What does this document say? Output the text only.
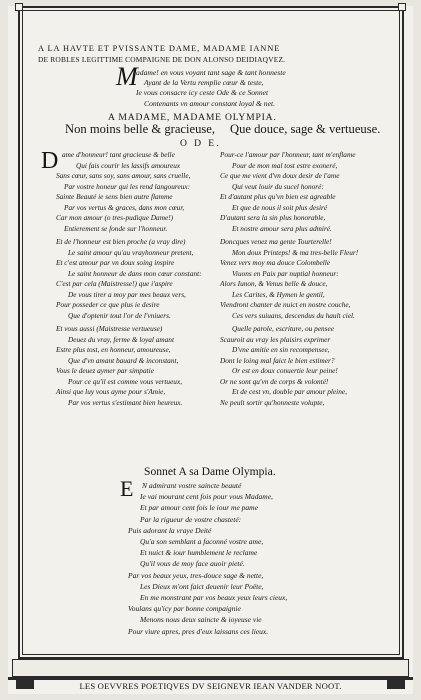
A LA HAVTE ET PVISSANTE DAME, MADAME IANNE
DE ROBLES LEGITTIME COMPAIGNE DE DON ALONSO DEIDIAQVEZ.
M
adame! en vous voyant tant sage & tant honneste
Ayant de la Vertu remplie cœur & teste,
Ie vous consacre icy ceste Ode & ce Sonnet
Contenants vn amour constant loyal & net.
A MADAME, MADAME OLYMPIA.
Non moins belle & gracieuse, Que douce, sage & vertueuse.
O D E.
D ame d'honneur! tant gracieuse & belle
Qui fais courir les lassifs amoureux
Sans cœur, sans soy, sans amour, sans cruelle,
Par vostre honeur qui les rend langoureux:
Sainte Beauté ie sens bien autre flamme
Par vos vertus & graces, dans mon cœur,
Car mon amour (o tres-pudique Dame!)
Entierement se fonde sur l'honneur.
Et de l'honneur est bien proche (a vray dire)
Le saint amour qu'au vrayhonneur pretent,
Et c'est amour par vn doux soing inspire
Le saint honneur de dans mon cœur constant:
C'est par cela (Maistresse!) que i'aspire
De vous tirer a moy par mes beaux vers,
Pour posseder ce que plus ie desire
Que d'optenir tout l'or de l'vniuers.
Et vous aussi (Maistresse vertueuse)
Deuez du vray, ferme & loyal amant
Estre plus tost, en honneur, amoureuse,
Que d'vn amant bauard & inconstant,
Vous le deuez aymer par simpatie
Pour ce qu'il est comme vous vertueux,
Ainsi que luy vous ayme pour s'Amie,
Par vos vertus s'estimant bien heureux.
Pour-ce l'amour par l'honneur, tant m'enflame
Pour de mon mal tost estre exoneré,
Ce que me vient d'vn doux desir de l'ame
Qui veut louir du sucel honoré:
Et d'autant plus qu'vn bien est agreable
Et que de nous il soit plus desiré
D'autant sera la sin plus honorable,
Et nostre amour sera plus admiré.
Doncques venez ma gente Tourterelle!
Mon doux Printeps! & ma tres-belle Fleur!
Venez vers moy ma douce Colombelle
Viuons en Paix par nuptial honneur:
Alors Iunon, & Venus belle & douce,
Les Carites, & Hymen le gentil,
Viendront chanter de nuict en nostre couche,
Ces vers suiuans, descendus du hault ciel.
Quelle parole, escriture, ou pensee
Scauroit au vray les plaisirs exprimer
D'vne amitie en sin recompensee,
Dont le loing mal faict le bien estimer?
Or est en doux conuertie leur peine!
Or ne sont qu'vn de corps & volonté!
Et de cest vn, double par amour pleine,
Ne peult sortir qu'honneste volupte,
Sonnet A sa Dame Olympia.
E N admirant vostre saincte beauté
Ie vai mourant cent fois pour vous Madame,
Et par amour cent fois le iour me pame
Par la rigueur de vostre chasteté:
Puis adorant la vraye Deité
Qu'a son semblant a faconné vostre ame,
Et nuict & iour humblement le reclame
Qu'il vous de moy face auoir pieté.
Par vos beaux yeux, tres-douce sage & nette,
Les Dieux m'ont faict deuenir leur Poëte,
En me monstrant par vos beaux yeux leurs cieux,
Voulans qu'icy par bonne compaignie
Menons nous deux saincte & ioyeuse vie
Pour viure apres, pres d'eux laissans ces lieux.
LES OEVVRES POETIQVES DV SEIGNEVR IEAN VANDER NOOT.
